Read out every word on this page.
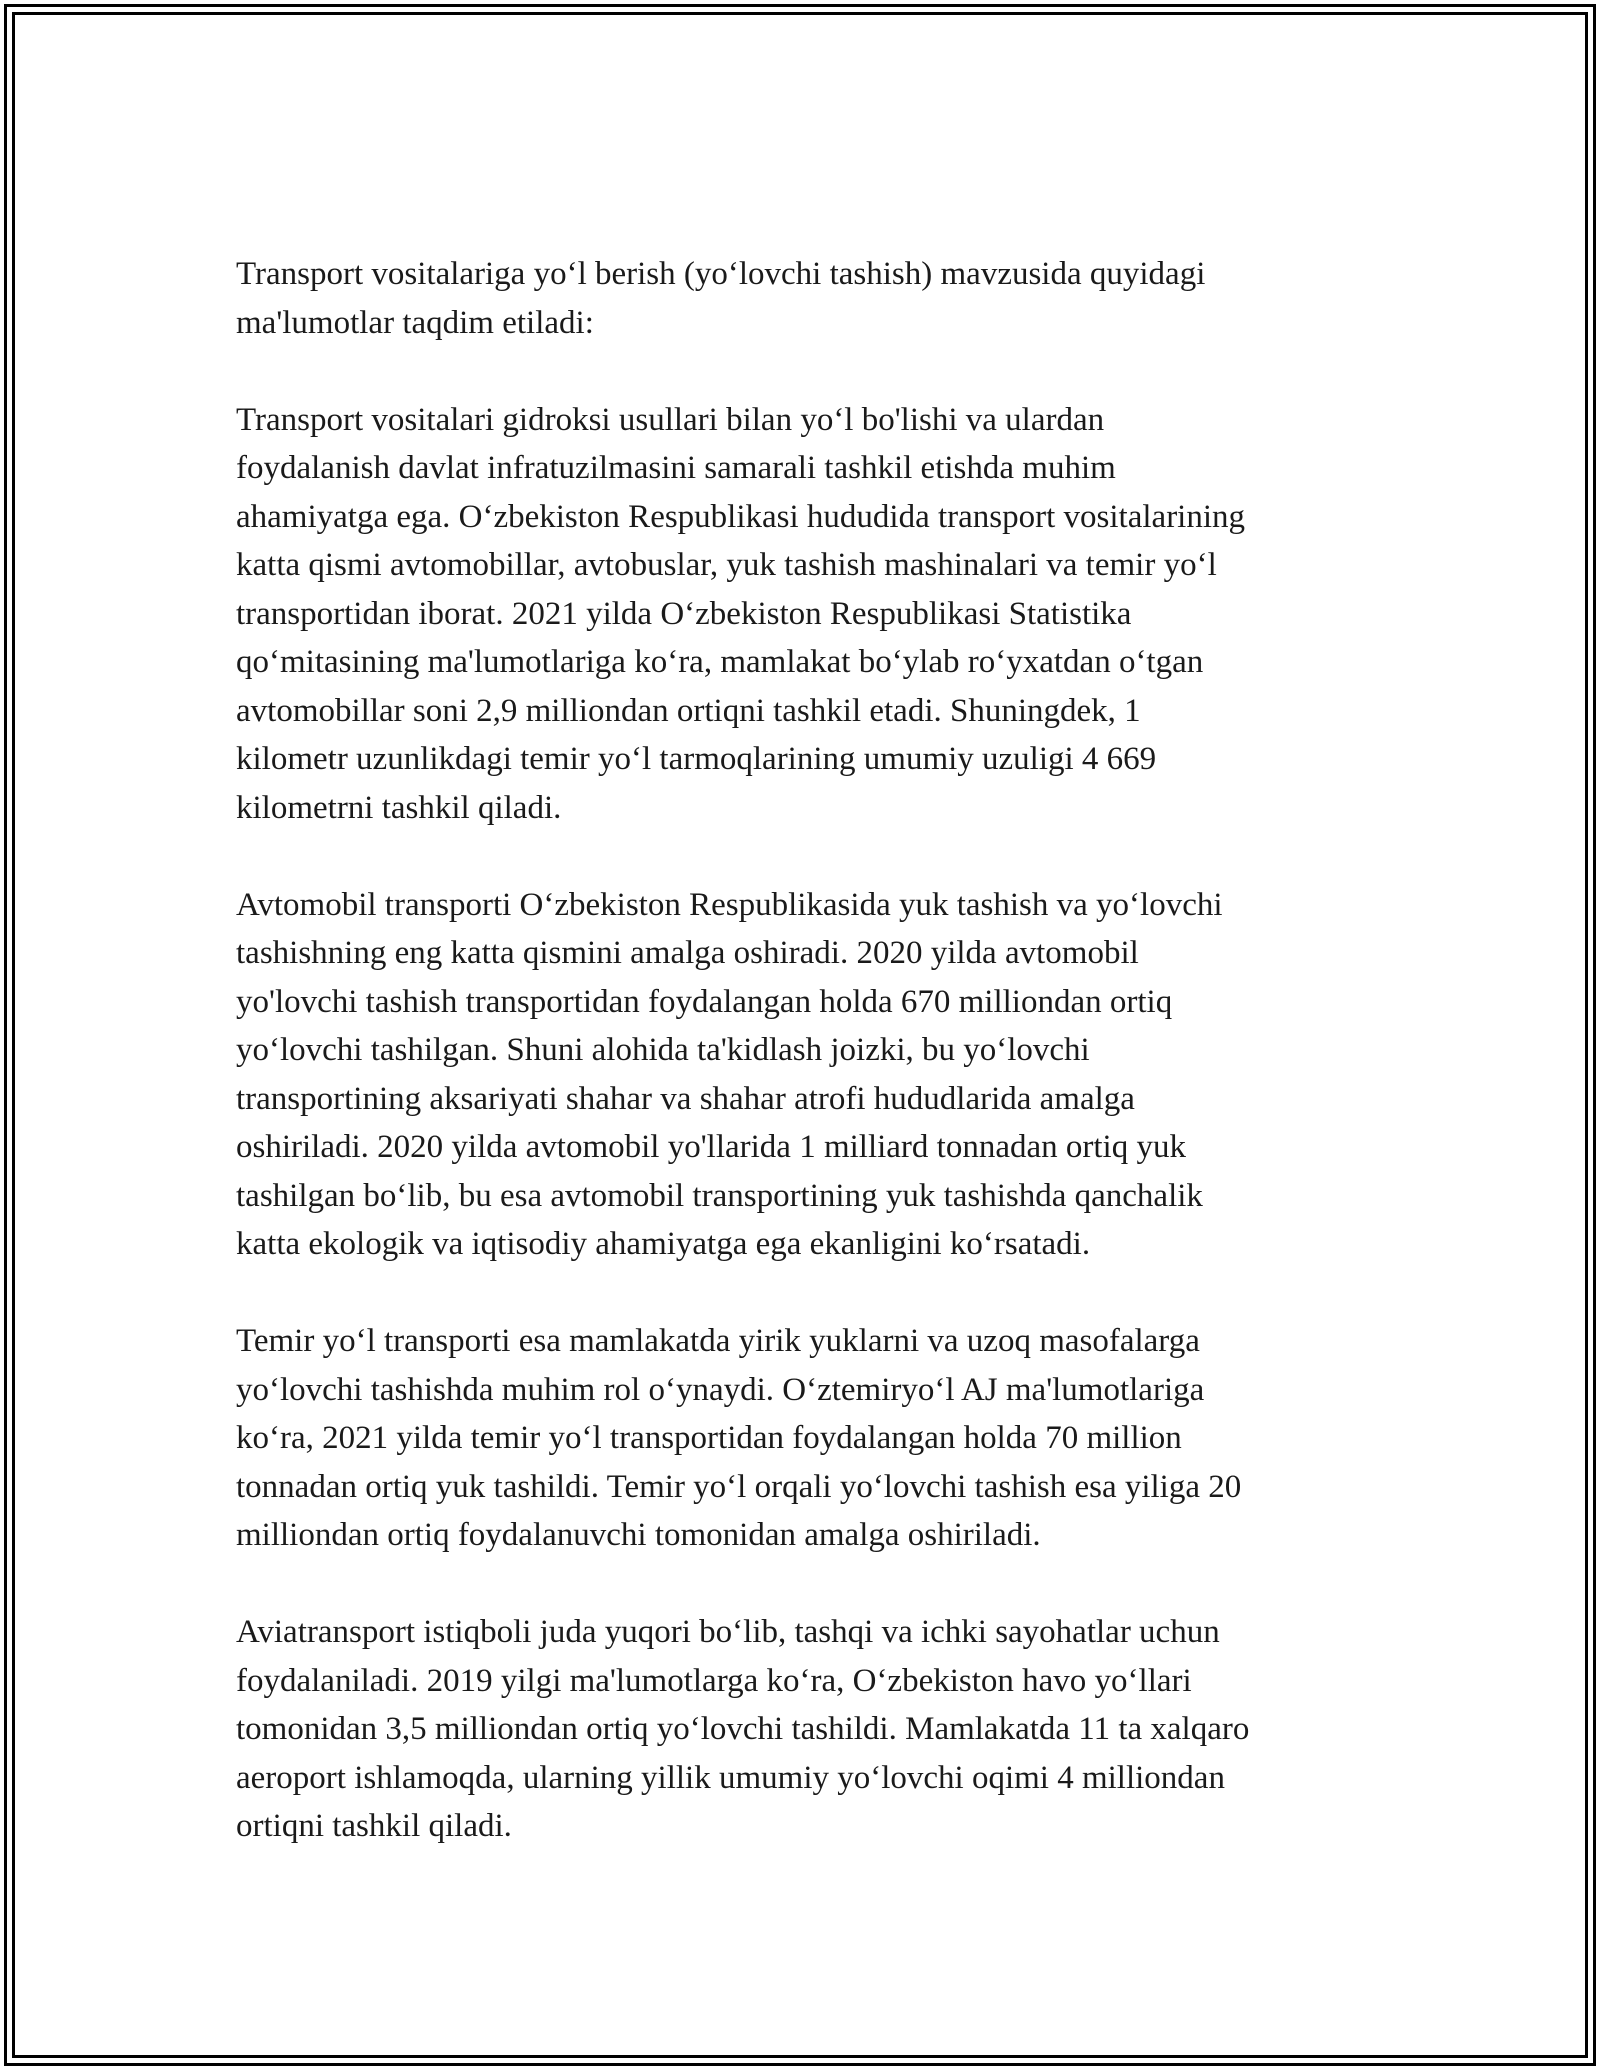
Transport vositalariga yo‘l berish (yo‘lovchi tashish) mavzusida quyidagi
ma'lumotlar taqdim etiladi:

Transport vositalari gidroksi usullari bilan yo‘l bo'lishi va ulardan
foydalanish davlat infratuzilmasini samarali tashkil etishda muhim
ahamiyatga ega. O‘zbekiston Respublikasi hududida transport vositalarining
katta qismi avtomobillar, avtobuslar, yuk tashish mashinalari va temir yo‘l
transportidan iborat. 2021 yilda O‘zbekiston Respublikasi Statistika
qo‘mitasining ma'lumotlariga ko‘ra, mamlakat bo‘ylab ro‘yxatdan o‘tgan
avtomobillar soni 2,9 milliondan ortiqni tashkil etadi. Shuningdek, 1
kilometr uzunlikdagi temir yo‘l tarmoqlarining umumiy uzuligi 4 669
kilometrni tashkil qiladi.

Avtomobil transporti O‘zbekiston Respublikasida yuk tashish va yo‘lovchi
tashishning eng katta qismini amalga oshiradi. 2020 yilda avtomobil
yo'lovchi tashish transportidan foydalangan holda 670 milliondan ortiq
yo‘lovchi tashilgan. Shuni alohida ta'kidlash joizki, bu yo‘lovchi
transportining aksariyati shahar va shahar atrofi hududlarida amalga
oshiriladi. 2020 yilda avtomobil yo'llarida 1 milliard tonnadan ortiq yuk
tashilgan bo‘lib, bu esa avtomobil transportining yuk tashishda qanchalik
katta ekologik va iqtisodiy ahamiyatga ega ekanligini ko‘rsatadi.

Temir yo‘l transporti esa mamlakatda yirik yuklarni va uzoq masofalarga
yo‘lovchi tashishda muhim rol o‘ynaydi. O‘ztemiryo‘l AJ ma'lumotlariga
ko‘ra, 2021 yilda temir yo‘l transportidan foydalangan holda 70 million
tonnadan ortiq yuk tashildi. Temir yo‘l orqali yo‘lovchi tashish esa yiliga 20
milliondan ortiq foydalanuvchi tomonidan amalga oshiriladi.

Aviatransport istiqboli juda yuqori bo‘lib, tashqi va ichki sayohatlar uchun
foydalaniladi. 2019 yilgi ma'lumotlarga ko‘ra, O‘zbekiston havo yo‘llari
tomonidan 3,5 milliondan ortiq yo‘lovchi tashildi. Mamlakatda 11 ta xalqaro
aeroport ishlamoqda, ularning yillik umumiy yo‘lovchi oqimi 4 milliondan
ortiqni tashkil qiladi.
